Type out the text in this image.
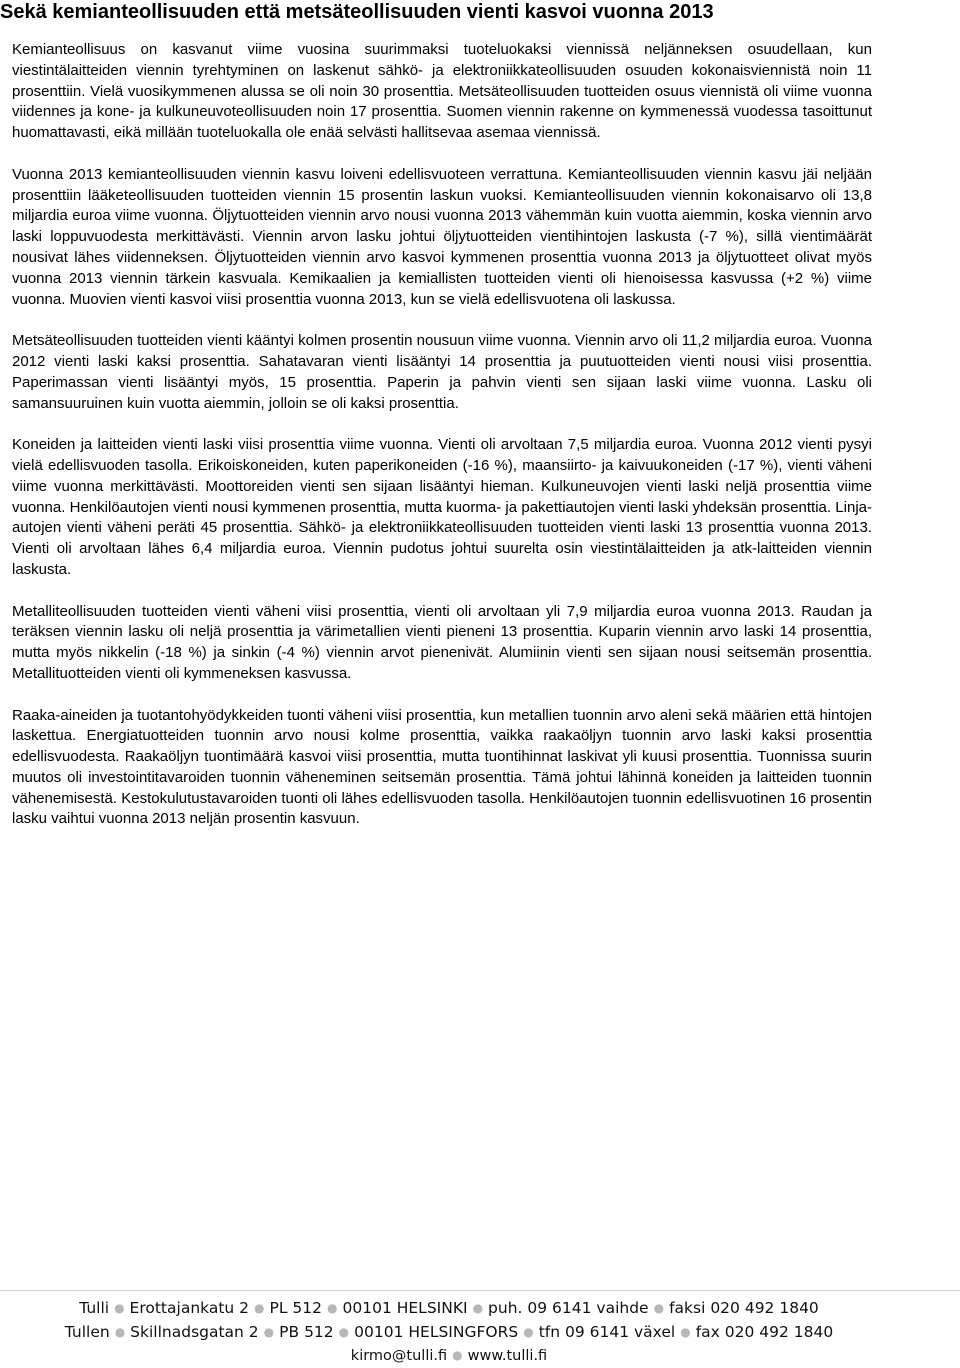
Sekä kemianteollisuuden että metsäteollisuuden vienti kasvoi vuonna 2013

Kemianteollisuus on kasvanut viime vuosina suurimmaksi tuoteluokaksi viennissä neljänneksen osuudellaan, kun viestintälaitteiden viennin tyrehtyminen on laskenut sähkö- ja elektroniikkateollisuuden osuuden kokonaisviennistä noin 11 prosenttiin. Vielä vuosikymmenen alussa se oli noin 30 prosenttia. Metsäteollisuuden tuotteiden osuus viennistä oli viime vuonna viidennes ja kone- ja kulkuneuvoteollisuuden noin 17 prosenttia. Suomen viennin rakenne on kymmenessä vuodessa tasoittunut huomattavasti, eikä millään tuoteluokalla ole enää selvästi hallitsevaa asemaa viennissä.

Vuonna 2013 kemianteollisuuden viennin kasvu loiveni edellisvuoteen verrattuna. Kemianteollisuuden viennin kasvu jäi neljään prosenttiin lääketeollisuuden tuotteiden viennin 15 prosentin laskun vuoksi. Kemianteollisuuden viennin kokonaisarvo oli 13,8 miljardia euroa viime vuonna. Öljytuotteiden viennin arvo nousi vuonna 2013 vähemmän kuin vuotta aiemmin, koska viennin arvo laski loppuvuodesta merkittävästi. Viennin arvon lasku johtui öljytuotteiden vientihintojen laskusta (-7 %), sillä vientimäärät nousivat lähes viidenneksen. Öljytuotteiden viennin arvo kasvoi kymmenen prosenttia vuonna 2013 ja öljytuotteet olivat myös vuonna 2013 viennin tärkein kasvuala. Kemikaalien ja kemiallisten tuotteiden vienti oli hienoisessa kasvussa (+2 %) viime vuonna. Muovien vienti kasvoi viisi prosenttia vuonna 2013, kun se vielä edellisvuotena oli laskussa.

Metsäteollisuuden tuotteiden vienti kääntyi kolmen prosentin nousuun viime vuonna. Viennin arvo oli 11,2 miljardia euroa. Vuonna 2012 vienti laski kaksi prosenttia. Sahatavaran vienti lisääntyi 14 prosenttia ja puutuotteiden vienti nousi viisi prosenttia. Paperimassan vienti lisääntyi myös, 15 prosenttia. Paperin ja pahvin vienti sen sijaan laski viime vuonna. Lasku oli samansuuruinen kuin vuotta aiemmin, jolloin se oli kaksi prosenttia.

Koneiden ja laitteiden vienti laski viisi prosenttia viime vuonna. Vienti oli arvoltaan 7,5 miljardia euroa. Vuonna 2012 vienti pysyi vielä edellisvuoden tasolla. Erikoiskoneiden, kuten paperikoneiden (-16 %), maansiirto- ja kaivuukoneiden (-17 %), vienti väheni viime vuonna merkittävästi. Moottoreiden vienti sen sijaan lisääntyi hieman. Kulkuneuvojen vienti laski neljä prosenttia viime vuonna. Henkilöautojen vienti nousi kymmenen prosenttia, mutta kuorma- ja pakettiautojen vienti laski yhdeksän prosenttia. Linja-autojen vienti väheni peräti 45 prosenttia. Sähkö- ja elektroniikkateollisuuden tuotteiden vienti laski 13 prosenttia vuonna 2013. Vienti oli arvoltaan lähes 6,4 miljardia euroa. Viennin pudotus johtui suurelta osin viestintälaitteiden ja atk-laitteiden viennin laskusta.

Metalliteollisuuden tuotteiden vienti väheni viisi prosenttia, vienti oli arvoltaan yli 7,9 miljardia euroa vuonna 2013. Raudan ja teräksen viennin lasku oli neljä prosenttia ja värimetallien vienti pieneni 13 prosenttia. Kuparin viennin arvo laski 14 prosenttia, mutta myös nikkelin (-18 %) ja sinkin (-4 %) viennin arvot pienenivät. Alumiinin vienti sen sijaan nousi seitsemän prosenttia. Metallituotteiden vienti oli kymmeneksen kasvussa.

Raaka-aineiden ja tuotantohyödykkeiden tuonti väheni viisi prosenttia, kun metallien tuonnin arvo aleni sekä määrien että hintojen laskettua. Energiatuotteiden tuonnin arvo nousi kolme prosenttia, vaikka raakaöljyn tuonnin arvo laski kaksi prosenttia edellisvuodesta. Raakaöljyn tuontimäärä kasvoi viisi prosenttia, mutta tuontihinnat laskivat yli kuusi prosenttia. Tuonnissa suurin muutos oli investointitavaroiden tuonnin väheneminen seitsemän prosenttia. Tämä johtui lähinnä koneiden ja laitteiden tuonnin vähenemisestä. Kestokulutustavaroiden tuonti oli lähes edellisvuoden tasolla. Henkilöautojen tuonnin edellisvuotinen 16 prosentin lasku vaihtui vuonna 2013 neljän prosentin kasvuun.

Tulli ● Erottajankatu 2 ● PL 512 ● 00101 HELSINKI ● puh. 09 6141 vaihde ● faksi 020 492 1840
Tullen ● Skillnadsgatan 2 ● PB 512 ● 00101 HELSINGFORS ● tfn 09 6141 växel ● fax 020 492 1840
kirmo@tulli.fi ● www.tulli.fi
